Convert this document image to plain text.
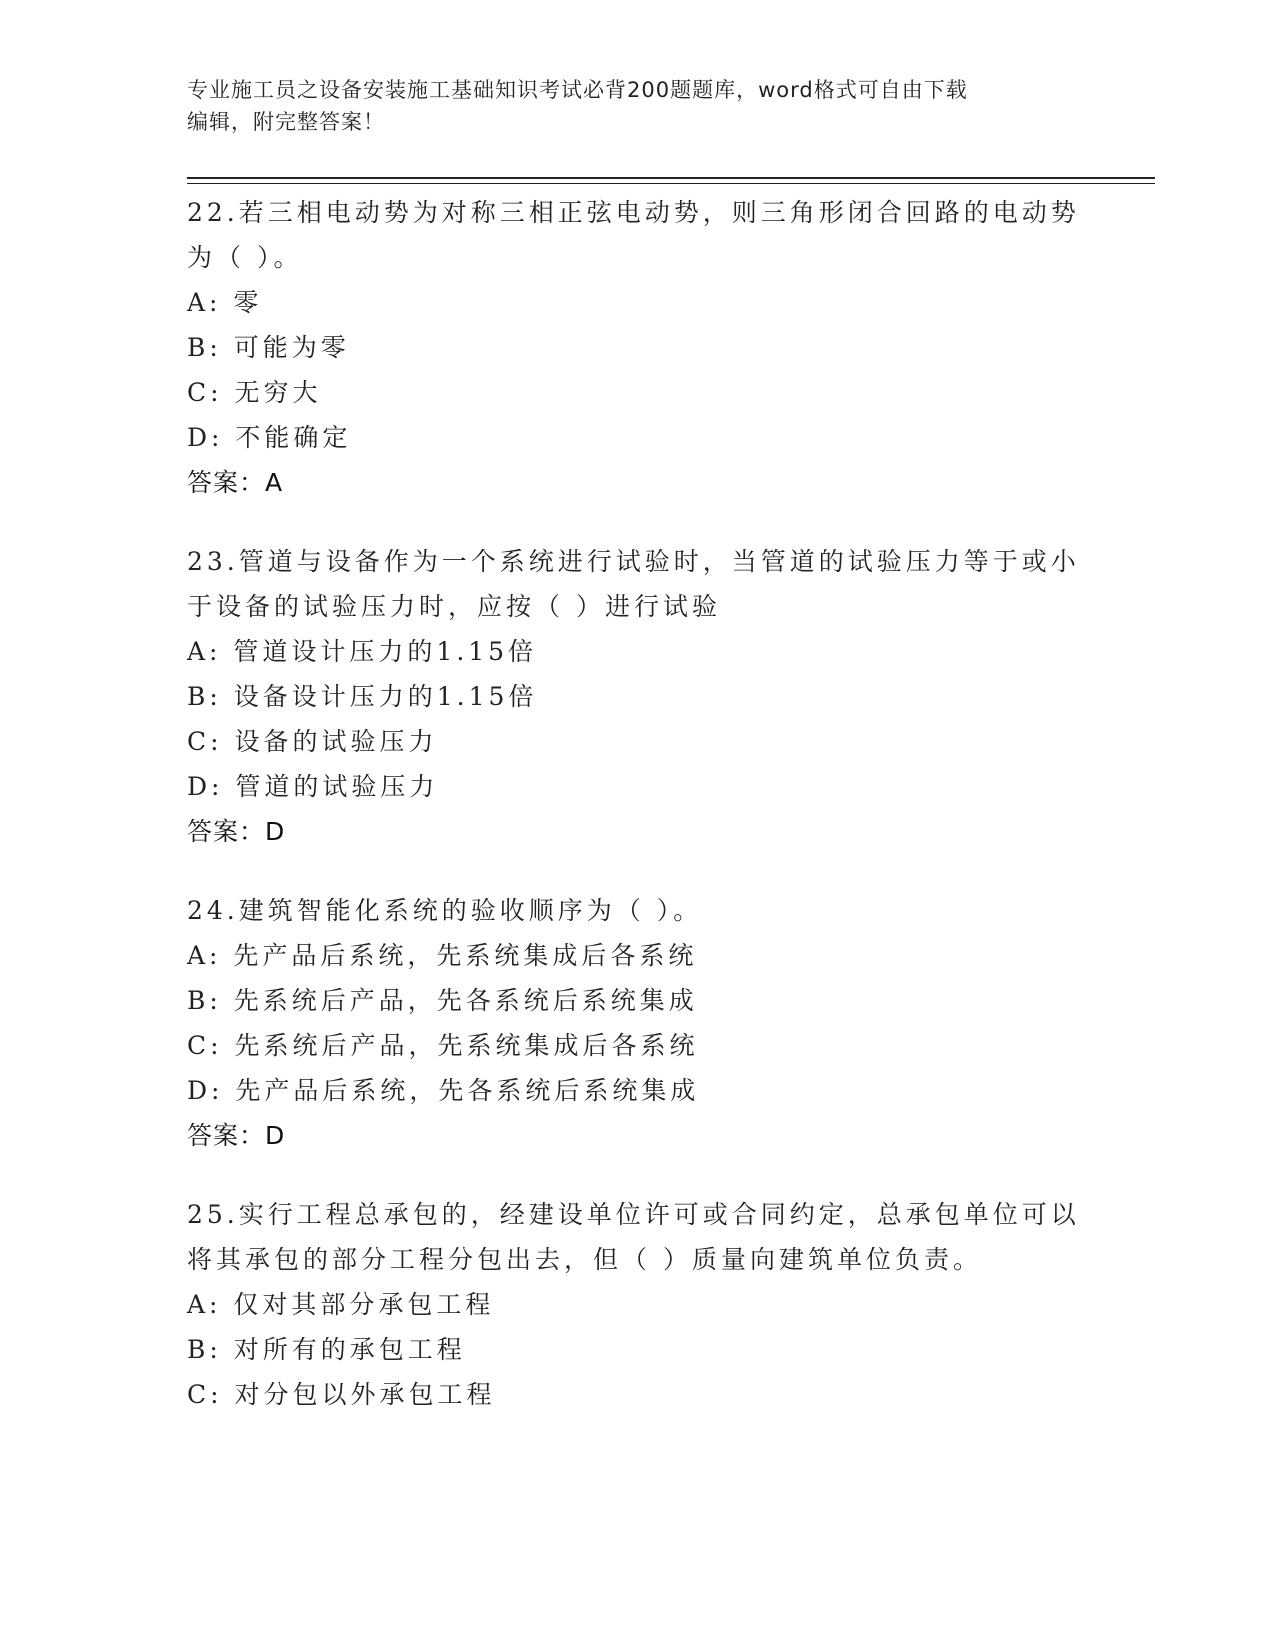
专业施工员之设备安装施工基础知识考试必背200题题库，word格式可自由下载
编辑，附完整答案！
22.若三相电动势为对称三相正弦电动势，则三角形闭合回路的电动势
为（ ）。
A: 零
B: 可能为零
C: 无穷大
D: 不能确定
答案：A
23.管道与设备作为一个系统进行试验时，当管道的试验压力等于或小
于设备的试验压力时，应按（ ）进行试验
A: 管道设计压力的1.15倍
B: 设备设计压力的1.15倍
C: 设备的试验压力
D: 管道的试验压力
答案：D
24.建筑智能化系统的验收顺序为（ ）。
A: 先产品后系统，先系统集成后各系统
B: 先系统后产品，先各系统后系统集成
C: 先系统后产品，先系统集成后各系统
D: 先产品后系统，先各系统后系统集成
答案：D
25.实行工程总承包的，经建设单位许可或合同约定，总承包单位可以
将其承包的部分工程分包出去，但（ ）质量向建筑单位负责。
A: 仅对其部分承包工程
B: 对所有的承包工程
C: 对分包以外承包工程
